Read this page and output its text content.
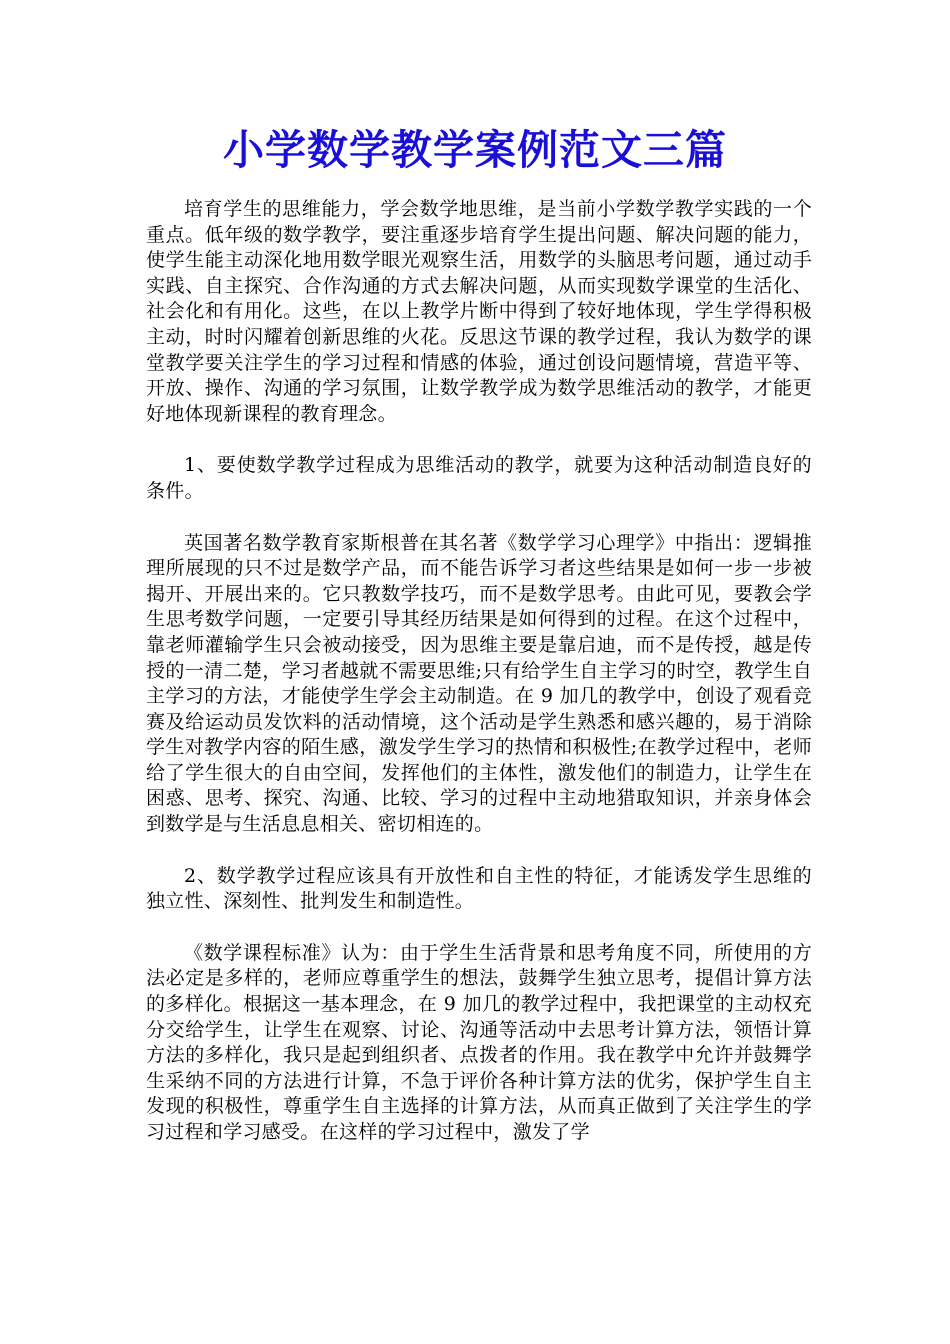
小学数学教学案例范文三篇

培育学生的思维能力，学会数学地思维，是当前小学数学教学实践的一个重点。低年级的数学教学，要注重逐步培育学生提出问题、解决问题的能力，使学生能主动深化地用数学眼光观察生活，用数学的头脑思考问题，通过动手实践、自主探究、合作沟通的方式去解决问题，从而实现数学课堂的生活化、社会化和有用化。这些，在以上教学片断中得到了较好地体现，学生学得积极主动，时时闪耀着创新思维的火花。反思这节课的教学过程，我认为数学的课堂教学要关注学生的学习过程和情感的体验，通过创设问题情境，营造平等、开放、操作、沟通的学习氛围，让数学教学成为数学思维活动的教学，才能更好地体现新课程的教育理念。

1、要使数学教学过程成为思维活动的教学，就要为这种活动制造良好的条件。

英国著名数学教育家斯根普在其名著《数学学习心理学》中指出：逻辑推理所展现的只不过是数学产品，而不能告诉学习者这些结果是如何一步一步被揭开、开展出来的。它只教数学技巧，而不是数学思考。由此可见，要教会学生思考数学问题，一定要引导其经历结果是如何得到的过程。在这个过程中，靠老师灌输学生只会被动接受，因为思维主要是靠启迪，而不是传授，越是传授的一清二楚，学习者越就不需要思维;只有给学生自主学习的时空，教学生自主学习的方法，才能使学生学会主动制造。在 9 加几的教学中，创设了观看竞赛及给运动员发饮料的活动情境，这个活动是学生熟悉和感兴趣的，易于消除学生对教学内容的陌生感，激发学生学习的热情和积极性;在教学过程中，老师给了学生很大的自由空间，发挥他们的主体性，激发他们的制造力，让学生在困惑、思考、探究、沟通、比较、学习的过程中主动地猎取知识，并亲身体会到数学是与生活息息相关、密切相连的。

2、数学教学过程应该具有开放性和自主性的特征，才能诱发学生思维的独立性、深刻性、批判发生和制造性。

《数学课程标准》认为：由于学生生活背景和思考角度不同，所使用的方法必定是多样的，老师应尊重学生的想法，鼓舞学生独立思考，提倡计算方法的多样化。根据这一基本理念，在 9 加几的教学过程中，我把课堂的主动权充分交给学生，让学生在观察、讨论、沟通等活动中去思考计算方法，领悟计算方法的多样化，我只是起到组织者、点拨者的作用。我在教学中允许并鼓舞学生采纳不同的方法进行计算，不急于评价各种计算方法的优劣，保护学生自主发现的积极性，尊重学生自主选择的计算方法，从而真正做到了关注学生的学习过程和学习感受。在这样的学习过程中，激发了学
